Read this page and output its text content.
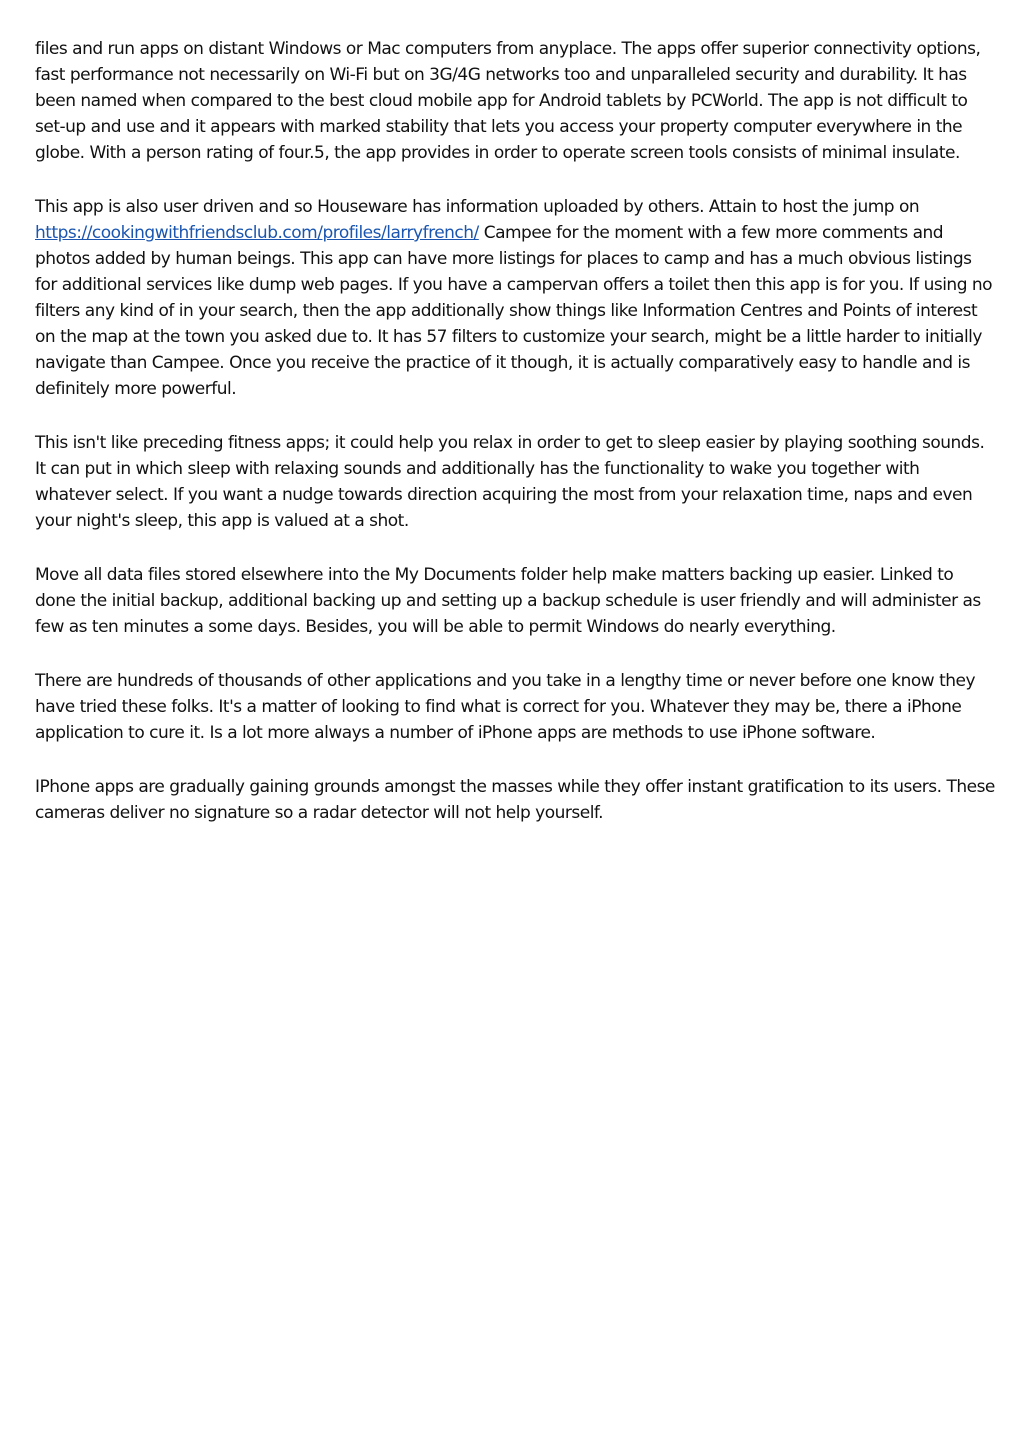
files and run apps on distant Windows or Mac computers from anyplace. The apps offer superior connectivity options, fast performance not necessarily on Wi-Fi but on 3G/4G networks too and unparalleled security and durability. It has been named when compared to the best cloud mobile app for Android tablets by PCWorld. The app is not difficult to set-up and use and it appears with marked stability that lets you access your property computer everywhere in the globe. With a person rating of four.5, the app provides in order to operate screen tools consists of minimal insulate.

This app is also user driven and so Houseware has information uploaded by others. Attain to host the jump on https://cookingwithfriendsclub.com/profiles/larryfrench/ Campee for the moment with a few more comments and photos added by human beings. This app can have more listings for places to camp and has a much obvious listings for additional services like dump web pages. If you have a campervan offers a toilet then this app is for you. If using no filters any kind of in your search, then the app additionally show things like Information Centres and Points of interest on the map at the town you asked due to. It has 57 filters to customize your search, might be a little harder to initially navigate than Campee. Once you receive the practice of it though, it is actually comparatively easy to handle and is definitely more powerful.

This isn't like preceding fitness apps; it could help you relax in order to get to sleep easier by playing soothing sounds. It can put in which sleep with relaxing sounds and additionally has the functionality to wake you together with whatever select. If you want a nudge towards direction acquiring the most from your relaxation time, naps and even your night's sleep, this app is valued at a shot.

Move all data files stored elsewhere into the My Documents folder help make matters backing up easier. Linked to done the initial backup, additional backing up and setting up a backup schedule is user friendly and will administer as few as ten minutes a some days. Besides, you will be able to permit Windows do nearly everything.

There are hundreds of thousands of other applications and you take in a lengthy time or never before one know they have tried these folks. It's a matter of looking to find what is correct for you. Whatever they may be, there a iPhone application to cure it. Is a lot more always a number of iPhone apps are methods to use iPhone software.

IPhone apps are gradually gaining grounds amongst the masses while they offer instant gratification to its users. These cameras deliver no signature so a radar detector will not help yourself.
